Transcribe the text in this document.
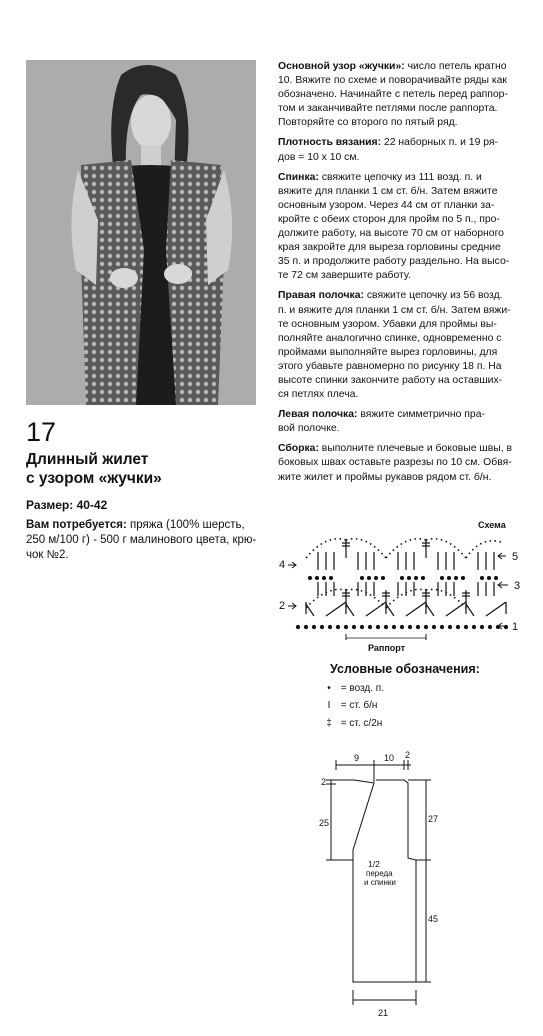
17
Длинный жилет
с узором «жучки»
Размер: 40-42
Вам потребуется: пряжа (100% шерсть,
250 м/100 г) - 500 г малинового цвета, крю-
чок №2.
Основной узор «жучки»: число петель кратно
10. Вяжите по схеме и поворачивайте ряды как
обозначено. Начинайте с петель перед раппор-
том и заканчивайте петлями после раппорта.
Повторяйте со второго по пятый ряд.
Плотность вязания: 22 наборных п. и 19 ря-
дов = 10 x 10 см.
Спинка: свяжите цепочку из 111 возд. п. и
вяжите для планки 1 см ст. б/н. Затем вяжите
основным узором. Через 44 см от планки за-
кройте с обеих сторон для пройм по 5 п., про-
должите работу, на высоте 70 см от наборного
края закройте для выреза горловины средние
35 п. и продолжите работу раздельно. На высо-
те 72 см завершите работу.
Правая полочка: свяжите цепочку из 56 возд.
п. и вяжите для планки 1 см ст. б/н. Затем вяжи-
те основным узором. Убавки для проймы вы-
полняйте аналогично спинке, одновременно с
проймами выполняйте вырез горловины, для
этого убавьте равномерно по рисунку 18 п. На
высоте спинки закончите работу на оставших-
ся петлях плеча.
Левая полочка: вяжите симметрично пра-
вой полочке.
Сборка: выполните плечевые и боковые швы, в
боковых швах оставьте разрезы по 10 см. Обвя-
жите жилет и проймы рукавов рядом ст. б/н.
Схема
5
4
3
2
1
Раппорт
Условные обозначения:
• = возд. п.
I = ст. б/н
‡ = ст. с/2н
9	10 2
2
25	27
45
21
1/2
переда
и спинки
